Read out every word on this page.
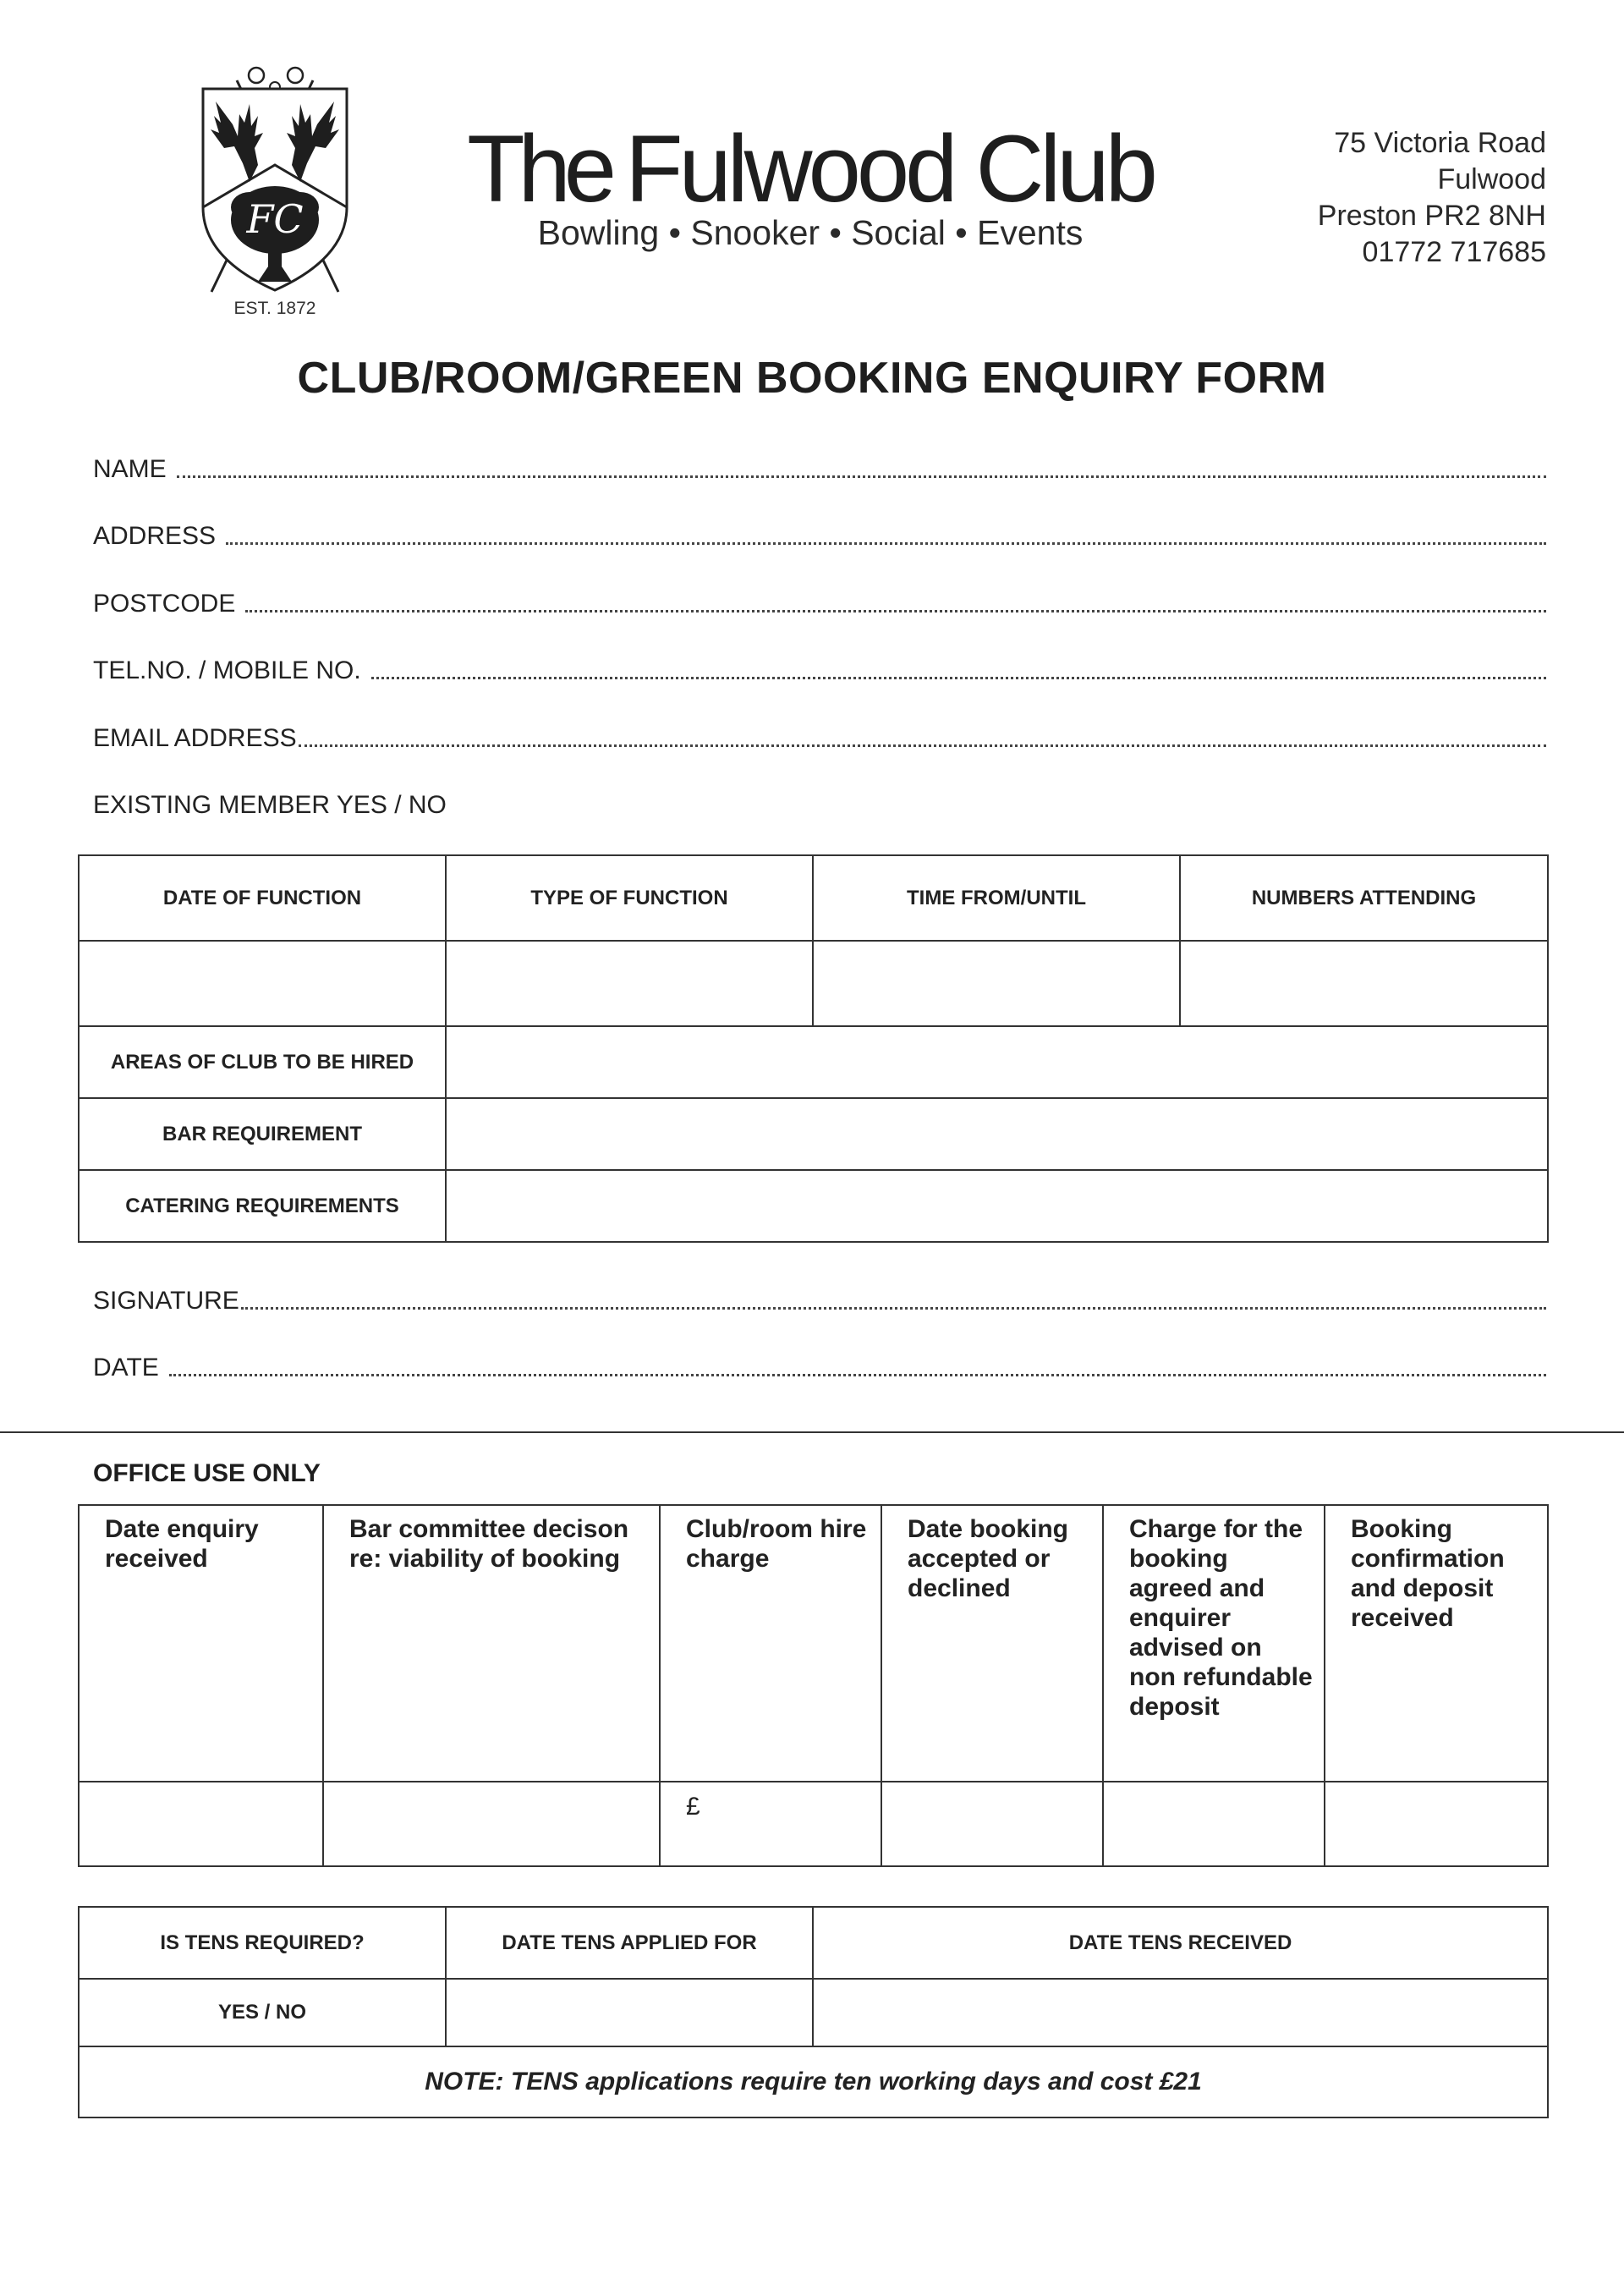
FC
EST. 1872
The Fulwood Club
Bowling • Snooker • Social • Events
75 Victoria Road
Fulwood
Preston PR2 8NH
01772 717685
CLUB/ROOM/GREEN BOOKING ENQUIRY FORM
NAME
ADDRESS
POSTCODE
TEL.NO. / MOBILE NO.
EMAIL ADDRESS
EXISTING MEMBER YES / NO
DATE OF FUNCTION	TYPE OF FUNCTION	TIME FROM/UNTIL	NUMBERS ATTENDING

AREAS OF CLUB TO BE HIRED			
BAR REQUIREMENT			
CATERING REQUIREMENTS			
SIGNATURE
DATE
OFFICE USE ONLY
Date enquiry received	Bar committee decison re: viability of booking	Club/room hire charge	Date booking accepted or declined	Charge for the booking agreed and enquirer advised on non refundable deposit	Booking confirmation and deposit received
		£			
IS TENS REQUIRED?	DATE TENS APPLIED FOR	DATE TENS RECEIVED
YES / NO		
NOTE: TENS applications require ten working days and cost £21		
